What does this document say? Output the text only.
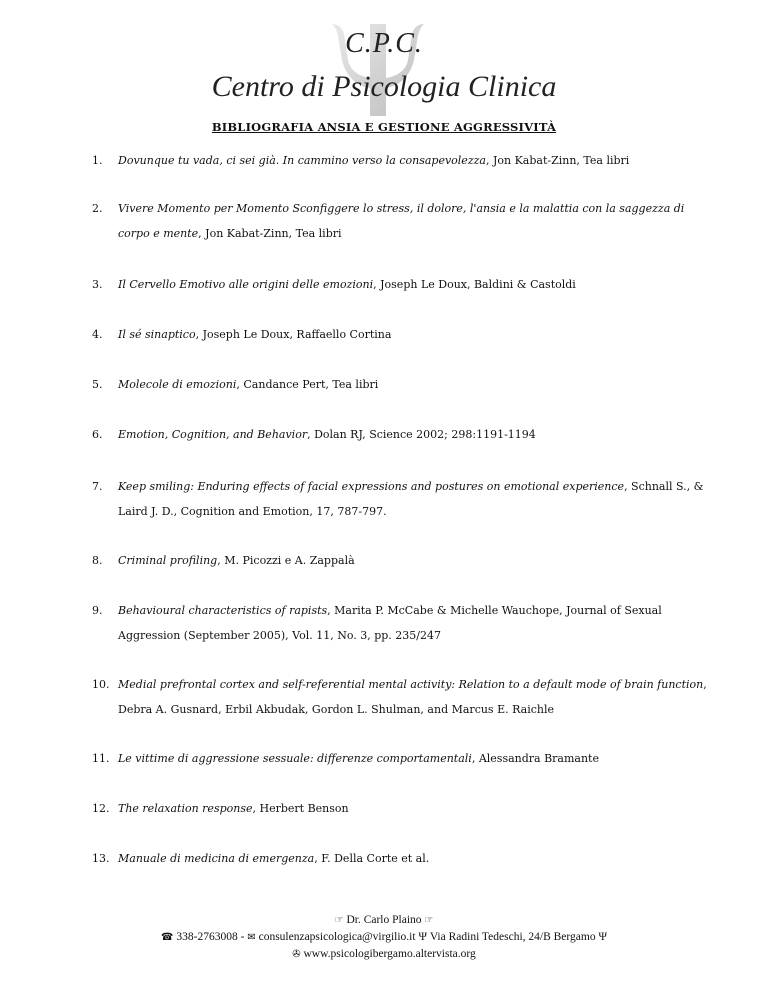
C.P.C.
Centro di Psicologia Clinica
BIBLIOGRAFIA ANSIA E GESTIONE AGGRESSIVITÀ
1. Dovunque tu vada, ci sei già. In cammino verso la consapevolezza, Jon Kabat-Zinn, Tea libri
2. Vivere Momento per Momento Sconfiggere lo stress, il dolore, l'ansia e la malattia con la saggezza di corpo e mente, Jon Kabat-Zinn, Tea libri
3. Il Cervello Emotivo alle origini delle emozioni, Joseph Le Doux, Baldini & Castoldi
4. Il sé sinaptico, Joseph Le Doux, Raffaello Cortina
5. Molecole di emozioni, Candance Pert, Tea libri
6. Emotion, Cognition, and Behavior, Dolan RJ, Science 2002; 298:1191-1194
7. Keep smiling: Enduring effects of facial expressions and postures on emotional experience, Schnall S., & Laird J. D., Cognition and Emotion, 17, 787-797.
8. Criminal profiling, M. Picozzi e A. Zappalà
9. Behavioural characteristics of rapists, Marita P. McCabe & Michelle Wauchope, Journal of Sexual Aggression (September 2005), Vol. 11, No. 3, pp. 235/247
10. Medial prefrontal cortex and self-referential mental activity: Relation to a default mode of brain function, Debra A. Gusnard, Erbil Akbudak, Gordon L. Shulman, and Marcus E. Raichle
11. Le vittime di aggressione sessuale: differenze comportamentali, Alessandra Bramante
12. The relaxation response, Herbert Benson
13. Manuale di medicina di emergenza, F. Della Corte et al.
☞ Dr. Carlo Plaino ☞
☎ 338-2763008 - ✉ consulenzapsicologica@virgilio.it Ψ Via Radini Tedeschi, 24/B Bergamo Ψ
✇ www.psicologibergamo.altervista.org
